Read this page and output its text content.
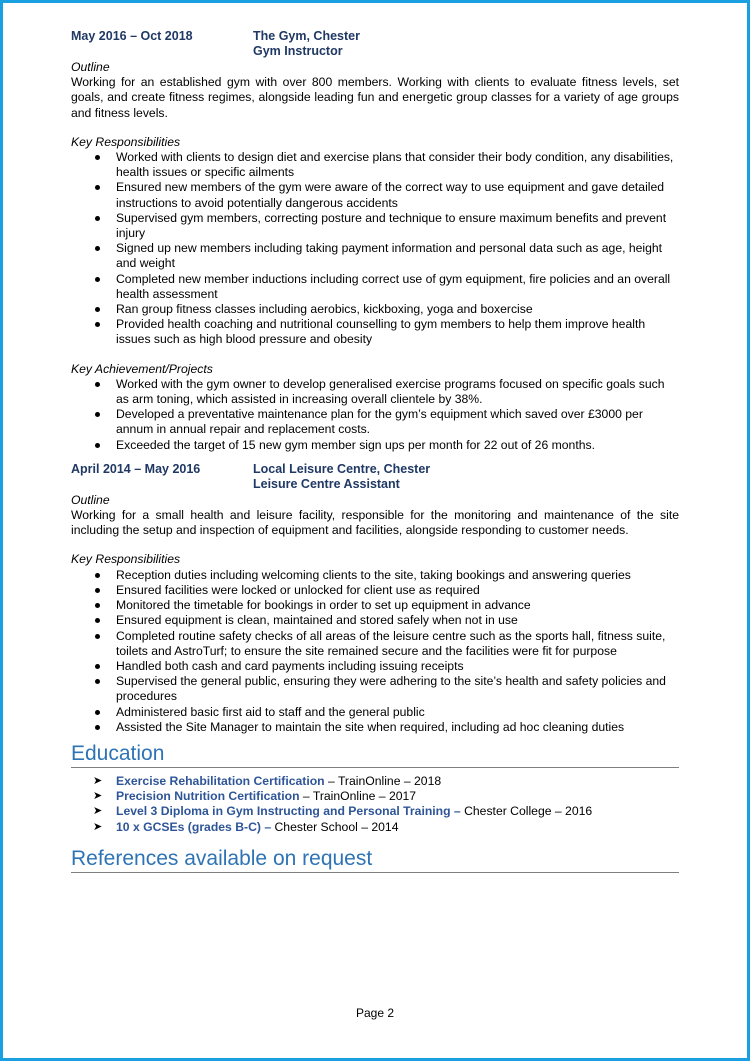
May 2016 – Oct 2018	The Gym, Chester
Gym Instructor
Outline
Working for an established gym with over 800 members. Working with clients to evaluate fitness levels, set goals, and create fitness regimes, alongside leading fun and energetic group classes for a variety of age groups and fitness levels.
Key Responsibilities
Worked with clients to design diet and exercise plans that consider their body condition, any disabilities, health issues or specific ailments
Ensured new members of the gym were aware of the correct way to use equipment and gave detailed instructions to avoid potentially dangerous accidents
Supervised gym members, correcting posture and technique to ensure maximum benefits and prevent injury
Signed up new members including taking payment information and personal data such as age, height and weight
Completed new member inductions including correct use of gym equipment, fire policies and an overall health assessment
Ran group fitness classes including aerobics, kickboxing, yoga and boxercise
Provided health coaching and nutritional counselling to gym members to help them improve health issues such as high blood pressure and obesity
Key Achievement/Projects
Worked with the gym owner to develop generalised exercise programs focused on specific goals such as arm toning, which assisted in increasing overall clientele by 38%.
Developed a preventative maintenance plan for the gym’s equipment which saved over £3000 per annum in annual repair and replacement costs.
Exceeded the target of 15 new gym member sign ups per month for 22 out of 26 months.
April 2014 – May 2016	Local Leisure Centre, Chester
Leisure Centre Assistant
Outline
Working for a small health and leisure facility, responsible for the monitoring and maintenance of the site including the setup and inspection of equipment and facilities, alongside responding to customer needs.
Key Responsibilities
Reception duties including welcoming clients to the site, taking bookings and answering queries
Ensured facilities were locked or unlocked for client use as required
Monitored the timetable for bookings in order to set up equipment in advance
Ensured equipment is clean, maintained and stored safely when not in use
Completed routine safety checks of all areas of the leisure centre such as the sports hall, fitness suite, toilets and AstroTurf; to ensure the site remained secure and the facilities were fit for purpose
Handled both cash and card payments including issuing receipts
Supervised the general public, ensuring they were adhering to the site’s health and safety policies and procedures
Administered basic first aid to staff and the general public
Assisted the Site Manager to maintain the site when required, including ad hoc cleaning duties
Education
➤ Exercise Rehabilitation Certification – TrainOnline – 2018
➤ Precision Nutrition Certification – TrainOnline – 2017
➤ Level 3 Diploma in Gym Instructing and Personal Training – Chester College – 2016
➤ 10 x GCSEs (grades B-C) – Chester School – 2014
References available on request
Page 2
